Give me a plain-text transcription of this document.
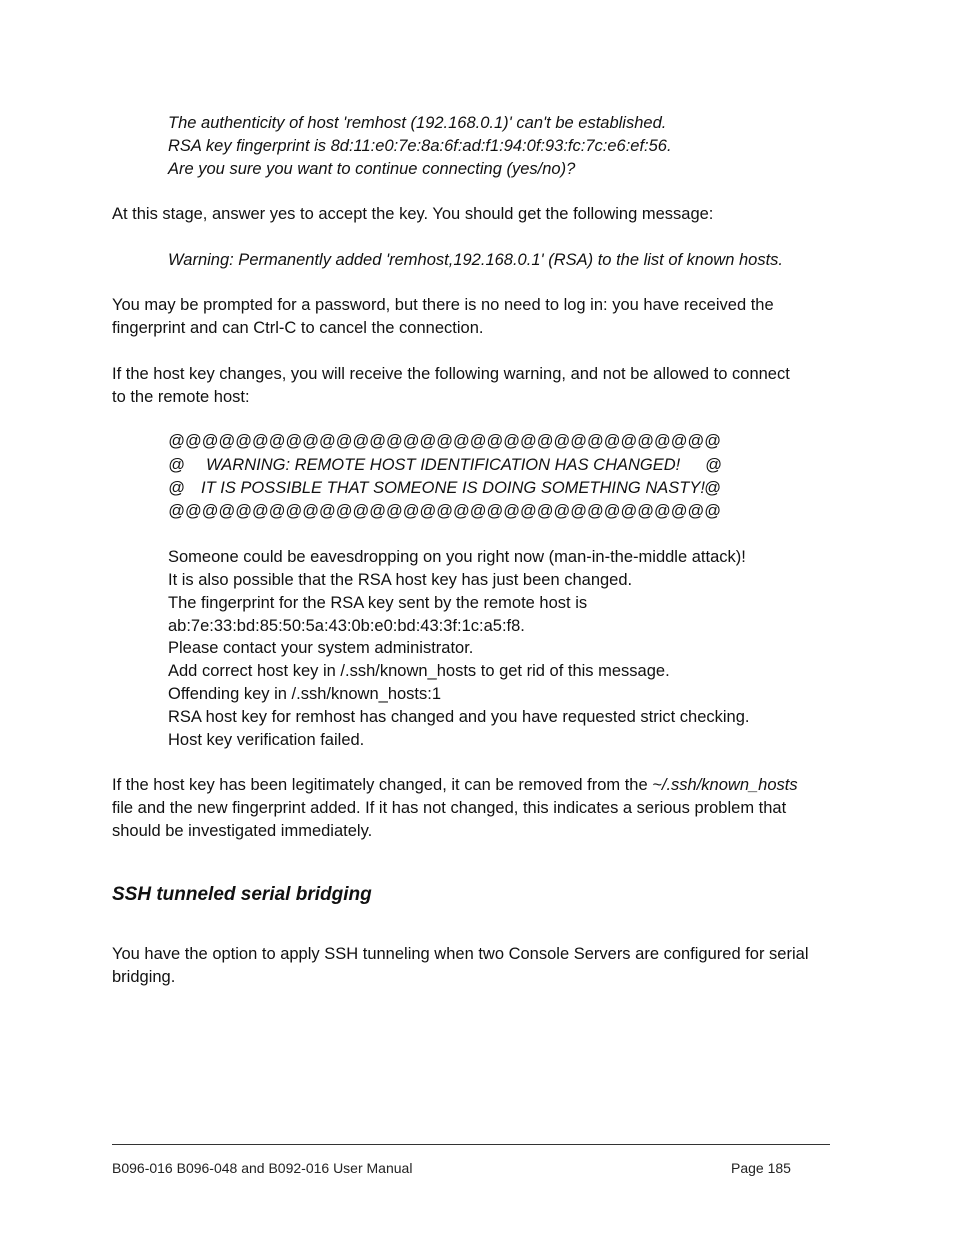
The authenticity of host 'remhost (192.168.0.1)' can't be established.
RSA key fingerprint is 8d:11:e0:7e:8a:6f:ad:f1:94:0f:93:fc:7c:e6:ef:56.
Are you sure you want to continue connecting (yes/no)?
At this stage, answer yes to accept the key. You should get the following message:
Warning: Permanently added 'remhost,192.168.0.1' (RSA) to the list of known hosts.
You may be prompted for a password, but there is no need to log in: you have received the
fingerprint and can Ctrl-C to cancel the connection.
If the host key changes, you will receive the following warning, and not be allowed to connect
to the remote host:
@@@@@@@@@@@@@@@@@@@@@@@@@@@@@@@@@
@ WARNING: REMOTE HOST IDENTIFICATION HAS CHANGED! @
@ IT IS POSSIBLE THAT SOMEONE IS DOING SOMETHING NASTY! @
@@@@@@@@@@@@@@@@@@@@@@@@@@@@@@@@@
Someone could be eavesdropping on you right now (man-in-the-middle attack)!
It is also possible that the RSA host key has just been changed.
The fingerprint for the RSA key sent by the remote host is
ab:7e:33:bd:85:50:5a:43:0b:e0:bd:43:3f:1c:a5:f8.
Please contact your system administrator.
Add correct host key in /.ssh/known_hosts to get rid of this message.
Offending key in /.ssh/known_hosts:1
RSA host key for remhost has changed and you have requested strict checking.
Host key verification failed.
If the host key has been legitimately changed, it can be removed from the ~/.ssh/known_hosts
file and the new fingerprint added. If it has not changed, this indicates a serious problem that
should be investigated immediately.
SSH tunneled serial bridging
You have the option to apply SSH tunneling when two Console Servers are configured for serial
bridging.
B096-016 B096-048 and B092-016 User Manual	Page 185
